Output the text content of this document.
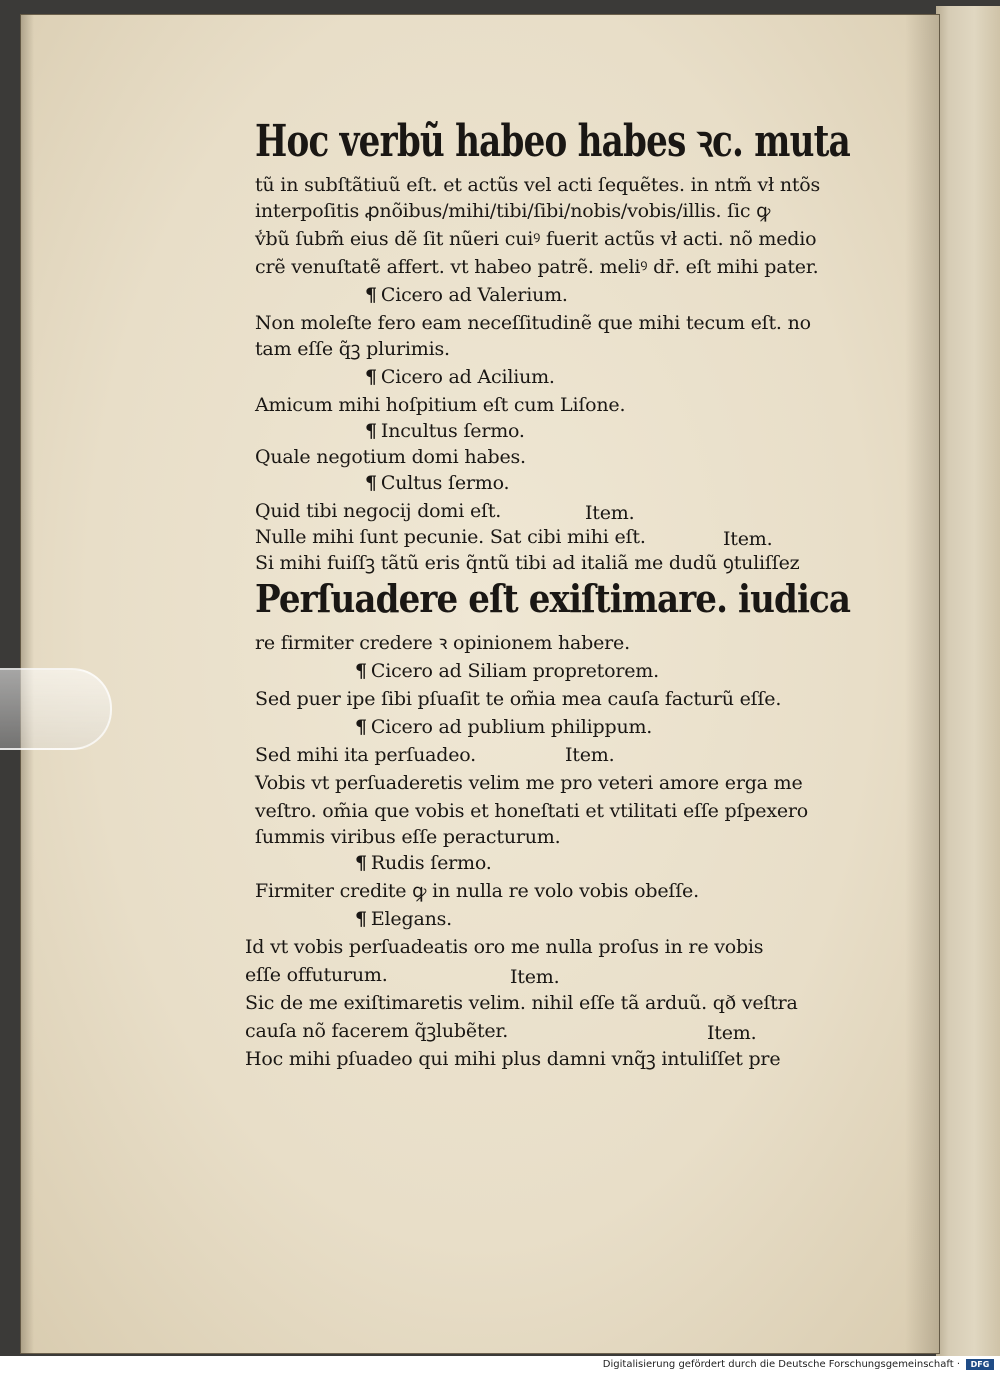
Hoc verbũ habeo habes ꝛc. muta
tũ in subſtãtiuũ eſt. et actũs vel acti ſequẽtes. in ntm̃ vł ntõs
interpoſitis ꝓnõibus/mihi/tibi/ſibi/nobis/vobis/illis. ſic ꝙ
v̾bũ ſubm̃ eius dẽ ſit nũeri cuiꝰ fuerit actũs vł acti. nõ medio
crẽ venuſtatẽ affert. vt habeo patrẽ. meliꝰ dr̄. eſt mihi pater.
¶ Cicero ad Valerium.
Non moleſte fero eam neceſſitudinẽ que mihi tecum eſt. no
tam eſſe q̃ꝫ plurimis.
¶ Cicero ad Acilium.
Amicum mihi hoſpitium eſt cum Liſone.
¶ Incultus ſermo.
Quale negotium domi habes.
¶ Cultus ſermo.
Quid tibi negocij domi eſt.	Item.
Nulle mihi ſunt pecunie. Sat cibi mihi eſt.	Item.
Si mihi fuiſſꝫ tãtũ eris q̃ntũ tibi ad italiã me dudũ ꝯtuliſſez
Perſuadere eſt exiſtimare. iudica
re firmiter credere ꝛ opinionem habere.
¶ Cicero ad Siliam propretorem.
Sed puer ipe ſibi pſuaſit te om̃ia mea cauſa facturũ eſſe.
¶ Cicero ad publium philippum.
Sed mihi ita perſuadeo.	Item.
Vobis vt perſuaderetis velim me pro veteri amore erga me
veſtro. om̃ia que vobis et honeſtati et vtilitati eſſe pſpexero
ſummis viribus eſſe peracturum.
¶ Rudis ſermo.
Firmiter credite ꝙ in nulla re volo vobis obeſſe.
¶ Elegans.
Id vt vobis perſuadeatis oro me nulla proſus in re vobis
eſſe offuturum.	Item.
Sic de me exiſtimaretis velim. nihil eſſe tã arduũ. qð veſtra
cauſa nõ facerem q̃ꝫlubẽter.	Item.
Hoc mihi pſuadeo qui mihi plus damni vnq̃ꝫ intuliſſet pre
Digitalisierung gefördert durch die Deutsche Forschungsgemeinschaft ·	DFG
